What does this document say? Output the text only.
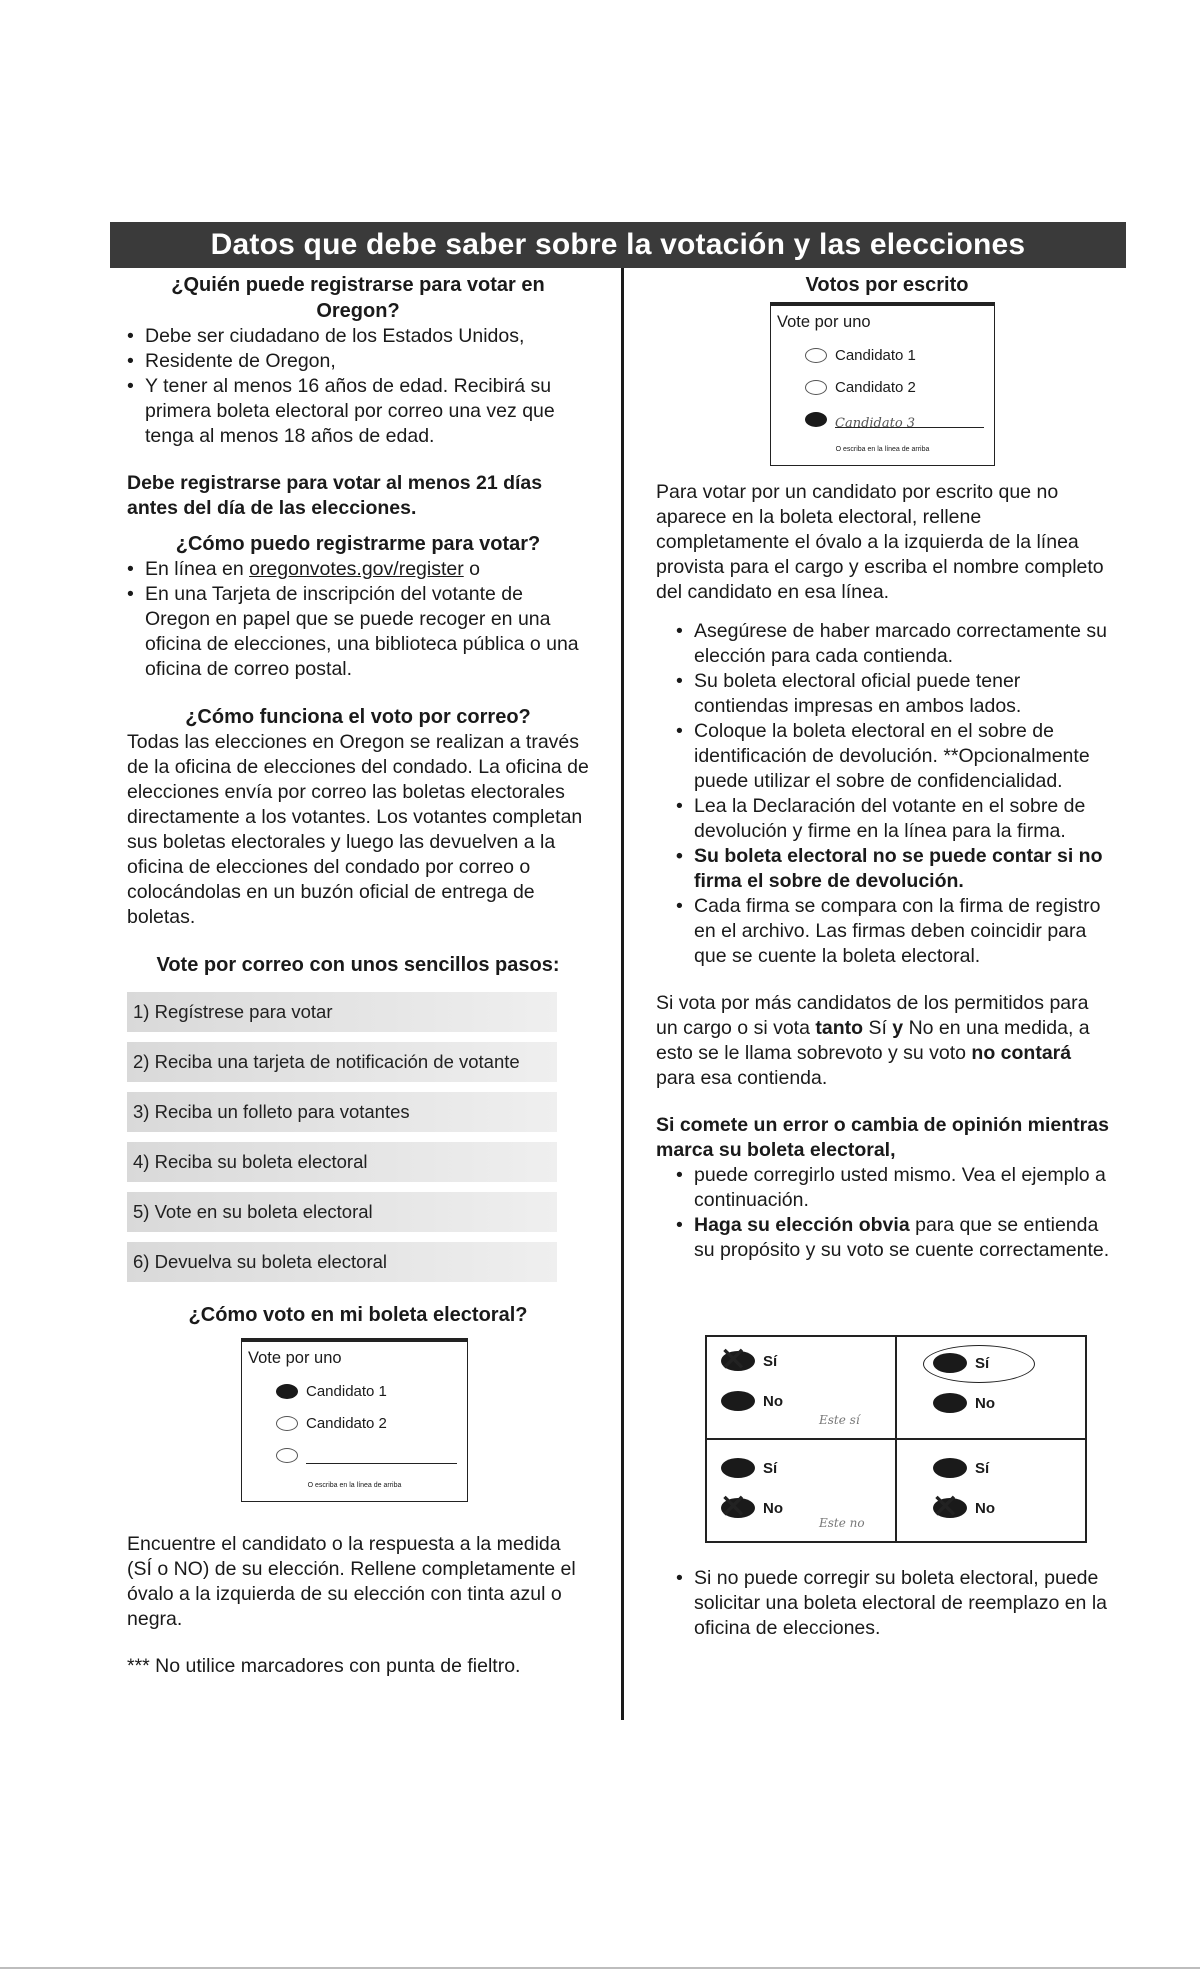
Datos que debe saber sobre la votación y las elecciones

¿Quién puede registrarse para votar en Oregon?

• Debe ser ciudadano de los Estados Unidos,
• Residente de Oregon,
• Y tener al menos 16 años de edad. Recibirá su primera boleta electoral por correo una vez que tenga al menos 18 años de edad.

Debe registrarse para votar al menos 21 días antes del día de las elecciones.

¿Cómo puedo registrarme para votar?

• En línea en oregonvotes.gov/register o
• En una Tarjeta de inscripción del votante de Oregon en papel que se puede recoger en una oficina de elecciones, una biblioteca pública o una oficina de correo postal.

¿Cómo funciona el voto por correo?

Todas las elecciones en Oregon se realizan a través de la oficina de elecciones del condado. La oficina de elecciones envía por correo las boletas electorales directamente a los votantes. Los votantes completan sus boletas electorales y luego las devuelven a la oficina de elecciones del condado por correo o colocándolas en un buzón oficial de entrega de boletas.

Vote por correo con unos sencillos pasos:

1) Regístrese para votar
2) Reciba una tarjeta de notificación de votante
3) Reciba un folleto para votantes
4) Reciba su boleta electoral
5) Vote en su boleta electoral
6) Devuelva su boleta electoral

¿Cómo voto en mi boleta electoral?

Vote por uno
Candidato 1
Candidato 2
O escriba en la línea de arriba

Encuentre el candidato o la respuesta a la medida (SÍ o NO) de su elección. Rellene completamente el óvalo a la izquierda de su elección con tinta azul o negra.

*** No utilice marcadores con punta de fieltro.

Votos por escrito

Vote por uno
Candidato 1
Candidato 2
Candidato 3
O escriba en la línea de arriba

Para votar por un candidato por escrito que no aparece en la boleta electoral, rellene completamente el óvalo a la izquierda de la línea provista para el cargo y escriba el nombre completo del candidato en esa línea.

• Asegúrese de haber marcado correctamente su elección para cada contienda.
• Su boleta electoral oficial puede tener contiendas impresas en ambos lados.
• Coloque la boleta electoral en el sobre de identificación de devolución. **Opcionalmente puede utilizar el sobre de confidencialidad.
• Lea la Declaración del votante en el sobre de devolución y firme en la línea para la firma.
• Su boleta electoral no se puede contar si no firma el sobre de devolución.
• Cada firma se compara con la firma de registro en el archivo. Las firmas deben coincidir para que se cuente la boleta electoral.

Si vota por más candidatos de los permitidos para un cargo o si vota tanto Sí y No en una medida, a esto se le llama sobrevoto y su voto no contará para esa contienda.

Si comete un error o cambia de opinión mientras marca su boleta electoral,

• puede corregirlo usted mismo. Vea el ejemplo a continuación.
• Haga su elección obvia para que se entienda su propósito y su voto se cuente correctamente.
Sí
✕
No
Este sí
Sí
No
Sí
No
✕	Este no
Sí
No
✕
• Si no puede corregir su boleta electoral, puede solicitar una boleta electoral de reemplazo en la oficina de elecciones.
